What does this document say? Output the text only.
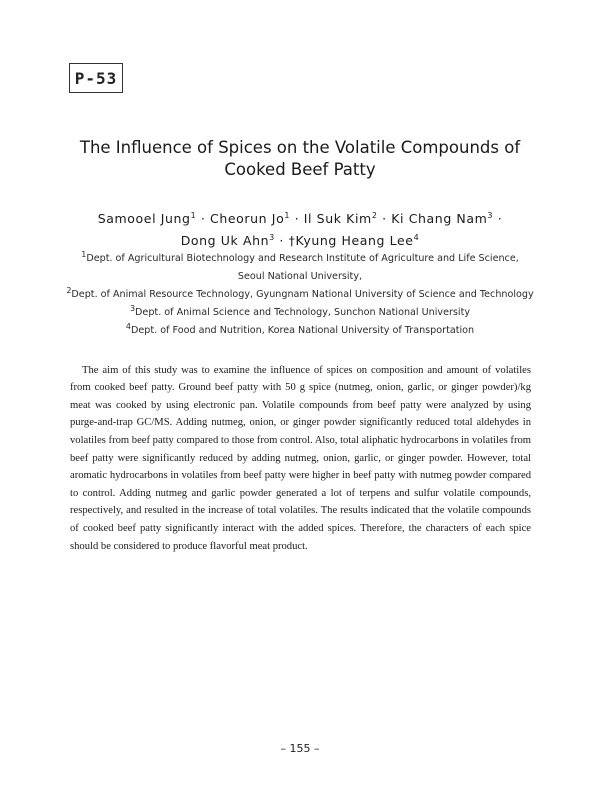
P-53
The Influence of Spices on the Volatile Compounds of
Cooked Beef Patty
Samooel Jung$^1$ · Cheorun $Jo^1 \cdot Il$ Suk Kim$^2$ · Ki Chang Nam$^3$ ·
Dong Uk Ahn$^3$ · †Kyung Heang Lee$^4$
$^1$Dept. of Agricultural Biotechnology and Research Institute of Agriculture and Life Science,
Seoul National University,
$^2$Dept. of Animal Resource Technology, Gyungnam National University of Science and Technology
$^3$Dept. of Animal Science and Technology, Sunchon National University
$^4$Dept. of Food and Nutrition, Korea National University of Transportation

The aim of this study was to examine the influence of spices on composition and amount of volatiles from cooked beef patty. Ground beef patty with 50 g spice (nutmeg, onion, garlic, or ginger powder)/kg meat was cooked by using electronic pan. Volatile compounds from beef patty were analyzed by using purge-and-trap GC/MS. Adding nutmeg, onion, or ginger powder significantly reduced total aldehydes in volatiles from beef patty compared to those from control. Also, total aliphatic hydrocarbons in volatiles from beef patty were significantly reduced by adding nutmeg, onion, garlic, or ginger powder. However, total aromatic hydrocarbons in volatiles from beef patty were higher in beef patty with nutmeg powder compared to control. Adding nutmeg and garlic powder generated a lot of terpens and sulfur volatile compounds, respectively, and resulted in the increase of total volatiles. The results indicated that the volatile compounds of cooked beef patty significantly interact with the added spices. Therefore, the characters of each spice should be considered to produce flavorful meat product.

– 155 –
